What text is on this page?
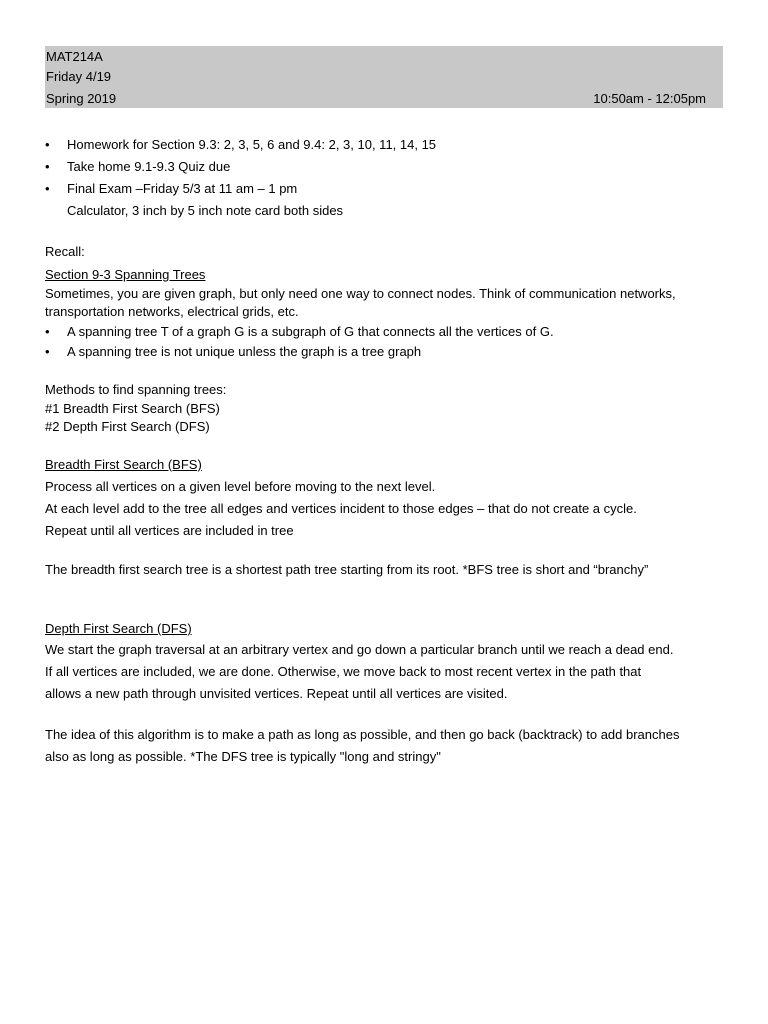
MAT214A
Friday 4/19
Spring 2019	10:50am - 12:05pm
•	Homework for Section 9.3: 2, 3, 5, 6 and 9.4: 2, 3, 10, 11, 14, 15
•	Take home 9.1-9.3 Quiz due
•	Final Exam –Friday 5/3 at 11 am – 1 pm
Calculator, 3 inch by 5 inch note card both sides
Recall:
Section 9-3 Spanning Trees
Sometimes, you are given graph, but only need one way to connect nodes. Think of communication networks,
transportation networks, electrical grids, etc.
•	A spanning tree T of a graph G is a subgraph of G that connects all the vertices of G.
•	A spanning tree is not unique unless the graph is a tree graph
Methods to find spanning trees:
#1 Breadth First Search (BFS)
#2 Depth First Search (DFS)
Breadth First Search (BFS)
Process all vertices on a given level before moving to the next level.
At each level add to the tree all edges and vertices incident to those edges – that do not create a cycle.
Repeat until all vertices are included in tree
The breadth first search tree is a shortest path tree starting from its root. *BFS tree is short and “branchy”
Depth First Search (DFS)
We start the graph traversal at an arbitrary vertex and go down a particular branch until we reach a dead end.
If all vertices are included, we are done. Otherwise, we move back to most recent vertex in the path that
allows a new path through unvisited vertices. Repeat until all vertices are visited.
The idea of this algorithm is to make a path as long as possible, and then go back (backtrack) to add branches
also as long as possible. *The DFS tree is typically "long and stringy"
